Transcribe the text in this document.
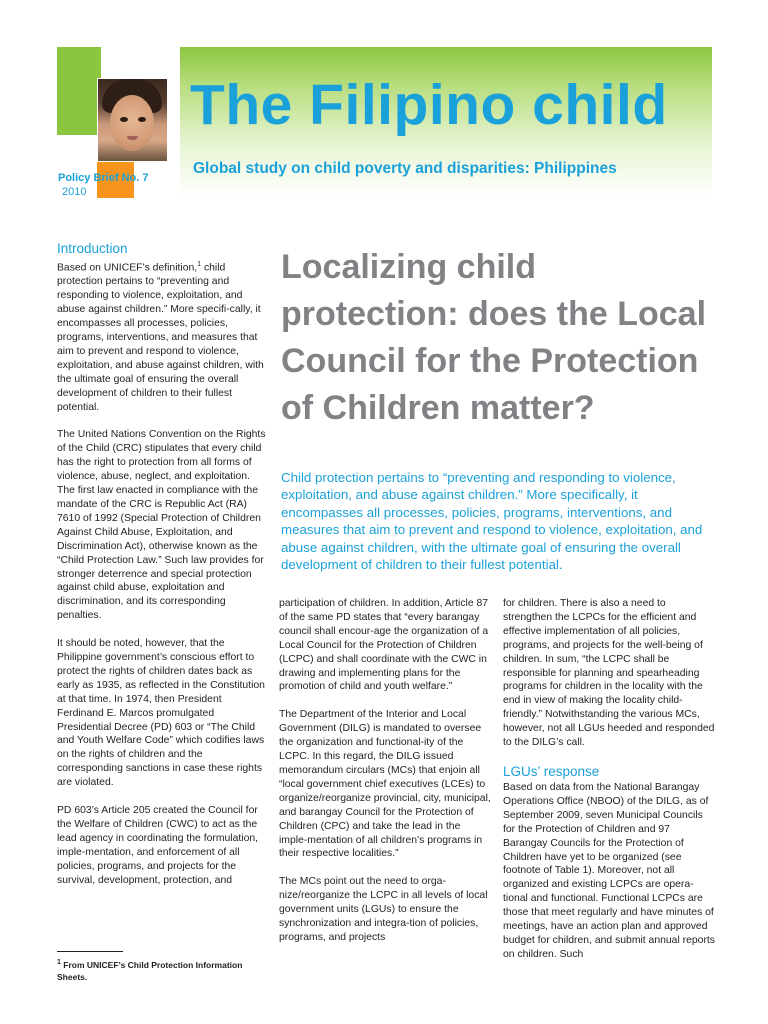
The Filipino child

Global study on child poverty and disparities: Philippines

Policy Brief No. 7
2010
Introduction

Based on UNICEF’s definition,$^1$ child protection pertains to “preventing and responding to violence, exploitation, and abuse against children.” More specifi-cally, it encompasses all processes, policies, programs, interventions, and measures that aim to prevent and respond to violence, exploitation, and abuse against children, with the ultimate goal of ensuring the overall development of children to their fullest potential.

The United Nations Convention on the Rights of the Child (CRC) stipulates that every child has the right to protection from all forms of violence, abuse, neglect, and exploitation. The first law enacted in compliance with the mandate of the CRC is Republic Act (RA) 7610 of 1992 (Special Protection of Children Against Child Abuse, Exploitation, and Discrimination Act), otherwise known as the “Child Protection Law.” Such law provides for stronger deterrence and special protection against child abuse, exploitation and discrimination, and its corresponding penalties.

It should be noted, however, that the Philippine government’s conscious effort to protect the rights of children dates back as early as 1935, as reflected in the Constitution at that time. In 1974, then President Ferdinand E. Marcos promulgated Presidential Decree (PD) 603 or “The Child and Youth Welfare Code” which codifies laws on the rights of children and the corresponding sanctions in case these rights are violated.

PD 603’s Article 205 created the Council for the Welfare of Children (CWC) to act as the lead agency in coordinating the formulation, imple-mentation, and enforcement of all policies, programs, and projects for the survival, development, protection, and

$^1$ From UNICEF’s Child Protection Information Sheets.
Localizing child protection: does the Local Council for the Protection of Children matter?

Child protection pertains to “preventing and responding to violence, exploitation, and abuse against children.” More specifically, it encompasses all processes, policies, programs, interventions, and measures that aim to prevent and respond to violence, exploitation, and abuse against children, with the ultimate goal of ensuring the overall development of children to their fullest potential.

participation of children. In addition, Article 87 of the same PD states that “every barangay council shall encour-age the organization of a Local Council for the Protection of Children (LCPC) and shall coordinate with the CWC in drawing and implementing plans for the promotion of child and youth welfare.”

The Department of the Interior and Local Government (DILG) is mandated to oversee the organization and functional-ity of the LCPC. In this regard, the DILG issued memorandum circulars (MCs) that enjoin all “local government chief executives (LCEs) to organize/reorganize provincial, city, municipal, and barangay Council for the Protection of Children (CPC) and take the lead in the imple-mentation of all children’s programs in their respective localities.”

The MCs point out the need to orga-nize/reorganize the LCPC in all levels of local government units (LGUs) to ensure the synchronization and integra-tion of policies, programs, and projects

for children. There is also a need to strengthen the LCPCs for the efficient and effective implementation of all policies, programs, and projects for the well-being of children. In sum, “the LCPC shall be responsible for planning and spearheading programs for children in the locality with the end in view of making the locality child-friendly.” Notwithstanding the various MCs, however, not all LGUs heeded and responded to the DILG’s call.

LGUs’ response

Based on data from the National Barangay Operations Office (NBOO) of the DILG, as of September 2009, seven Municipal Councils for the Protection of Children and 97 Barangay Councils for the Protection of Children have yet to be organized (see footnote of Table 1). Moreover, not all organized and existing LCPCs are opera-tional and functional. Functional LCPCs are those that meet regularly and have minutes of meetings, have an action plan and approved budget for children, and submit annual reports on children. Such
